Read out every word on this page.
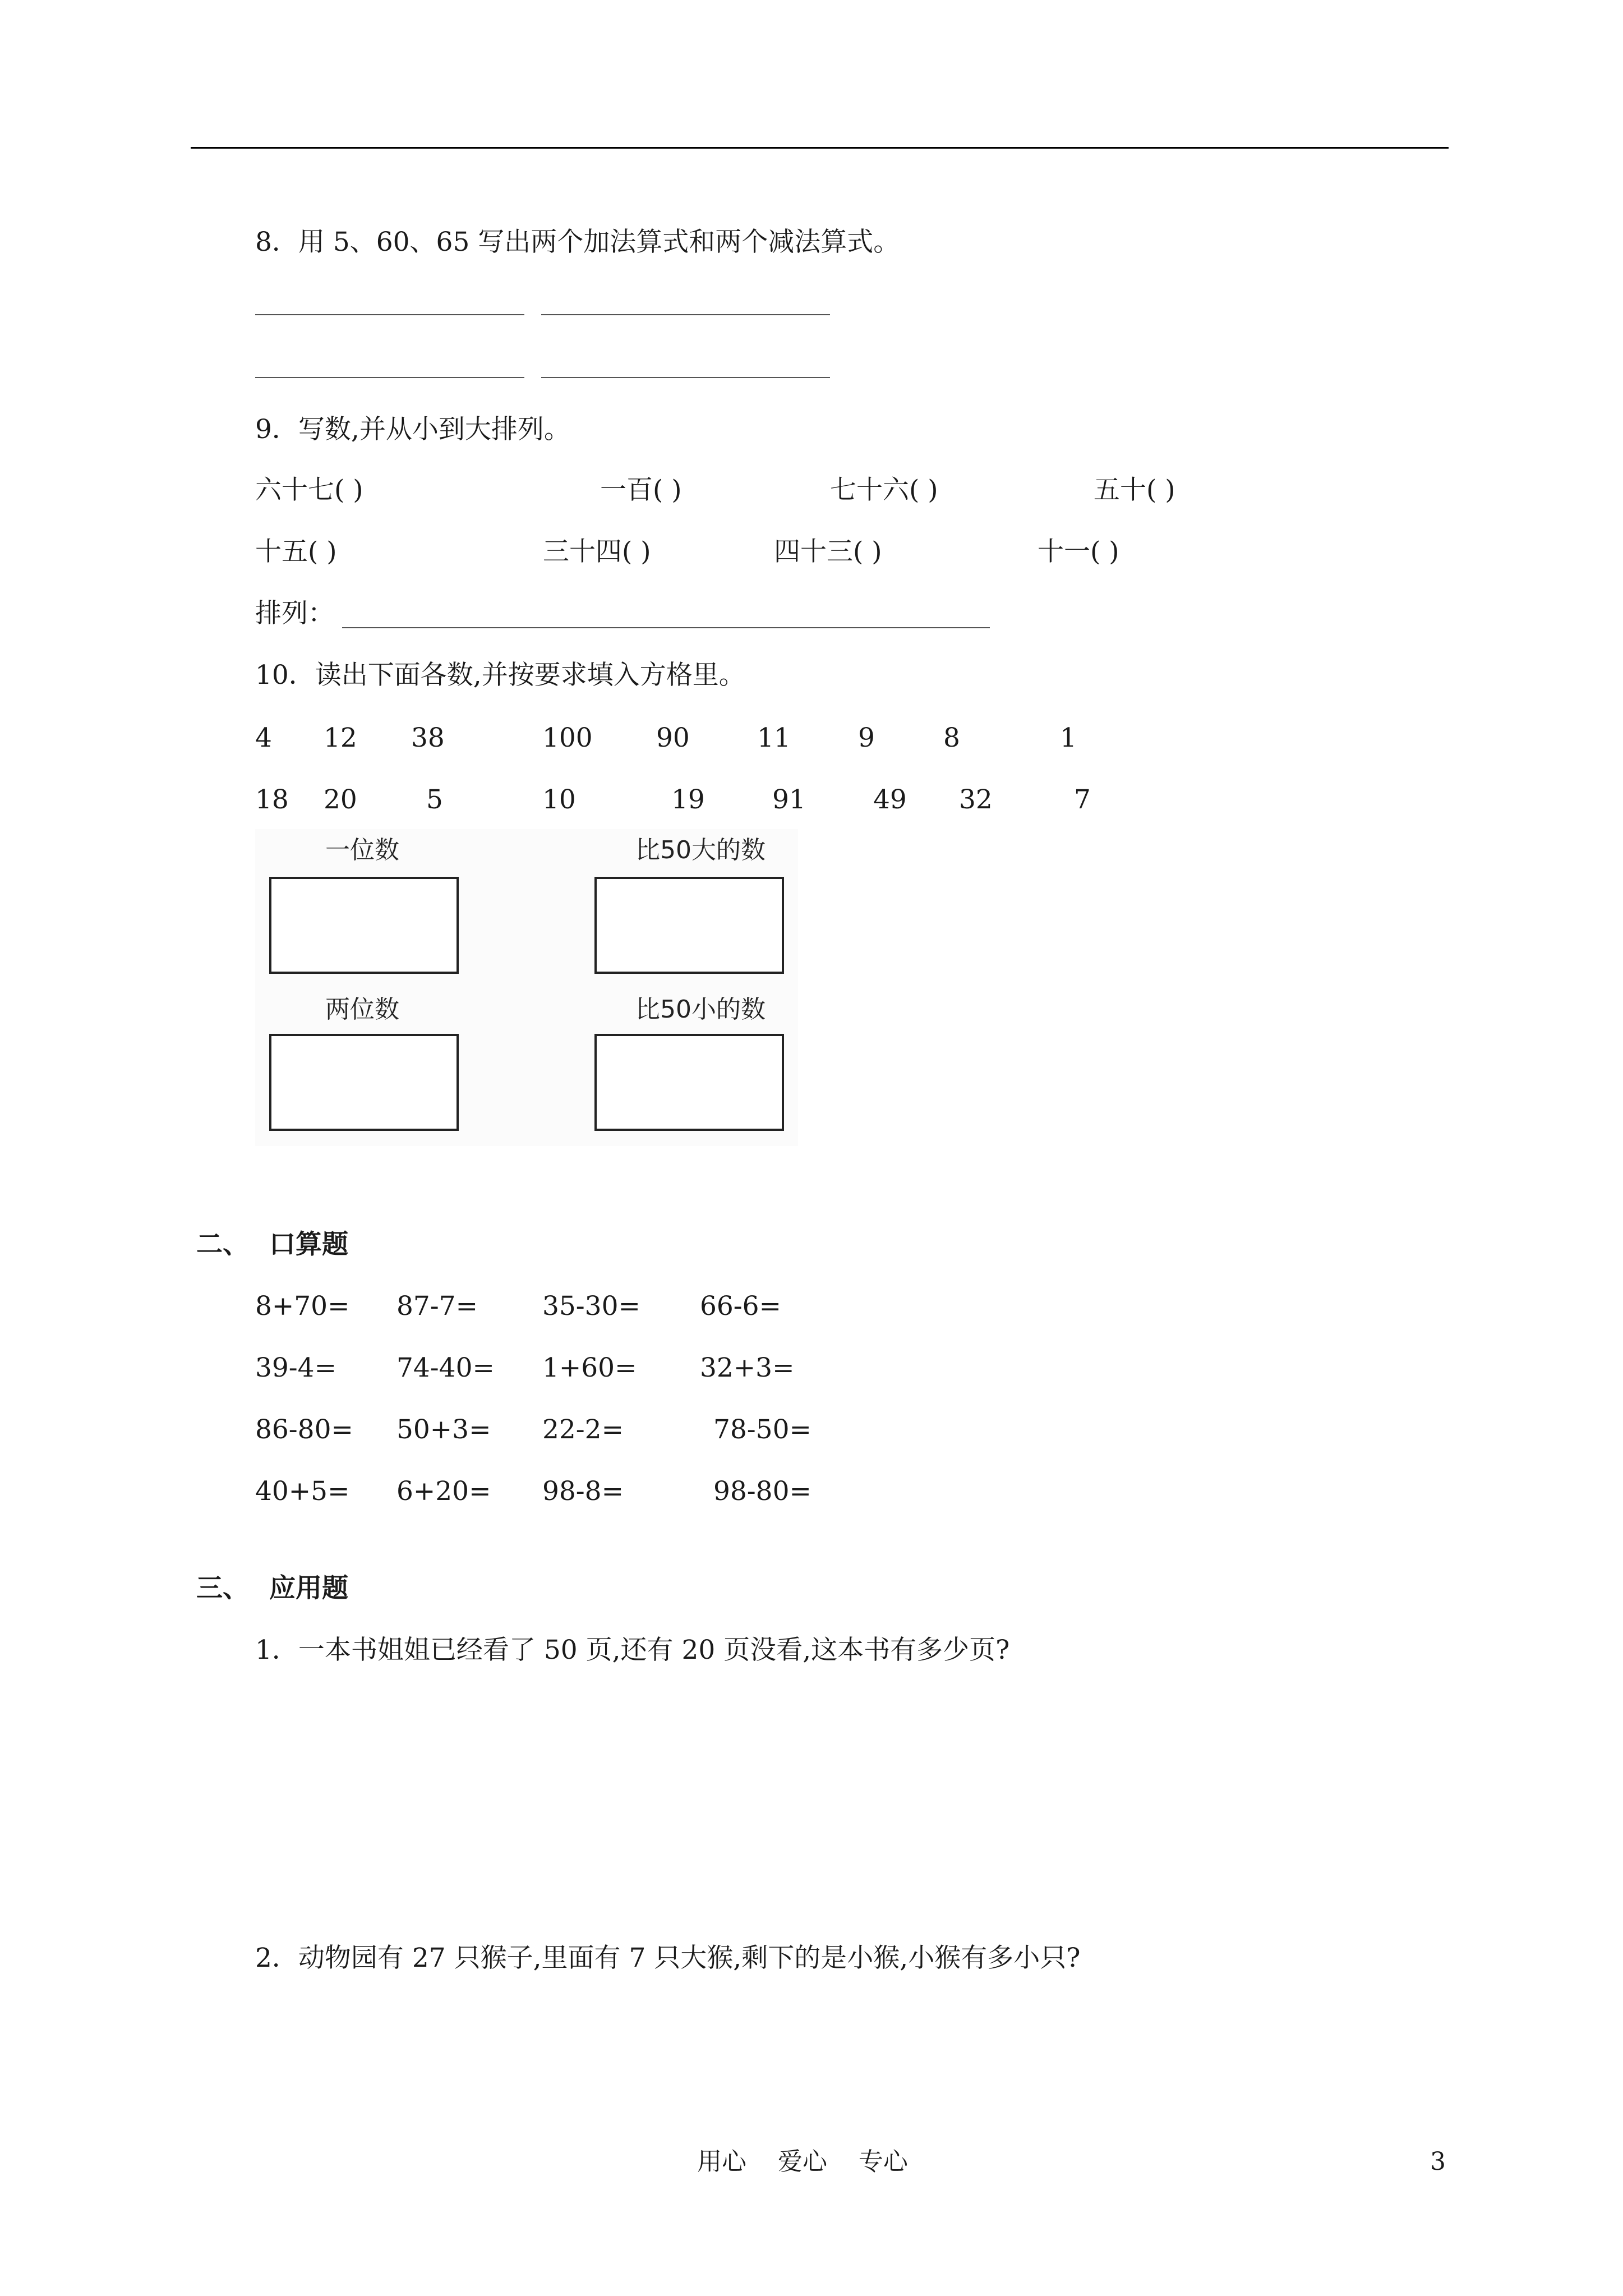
8．用 5、60、65 写出两个加法算式和两个减法算式。
9．写数,并从小到大排列。
六十七( )	一百( )	七十六( )	五十( )
十五( )	三十四( )	四十三( )	十一( )
排列：
10．读出下面各数,并按要求填入方格里。
4 12 38	100 90	11	9	8	1
18 20	5	10	19	91	49 32	7
一位数	比50大的数
两位数	比50小的数
二、 口算题
8+70= 87-7= 35-30= 66-6=
39-4= 74-40= 1+60= 32+3=
86-80= 50+3= 22-2=	78-50=
40+5= 6+20= 98-8=	98-80=
三、 应用题
1．一本书姐姐已经看了 50 页,还有 20 页没看,这本书有多少页?
2．动物园有 27 只猴子,里面有 7 只大猴,剩下的是小猴,小猴有多小只?
用心    爱心    专心	3
